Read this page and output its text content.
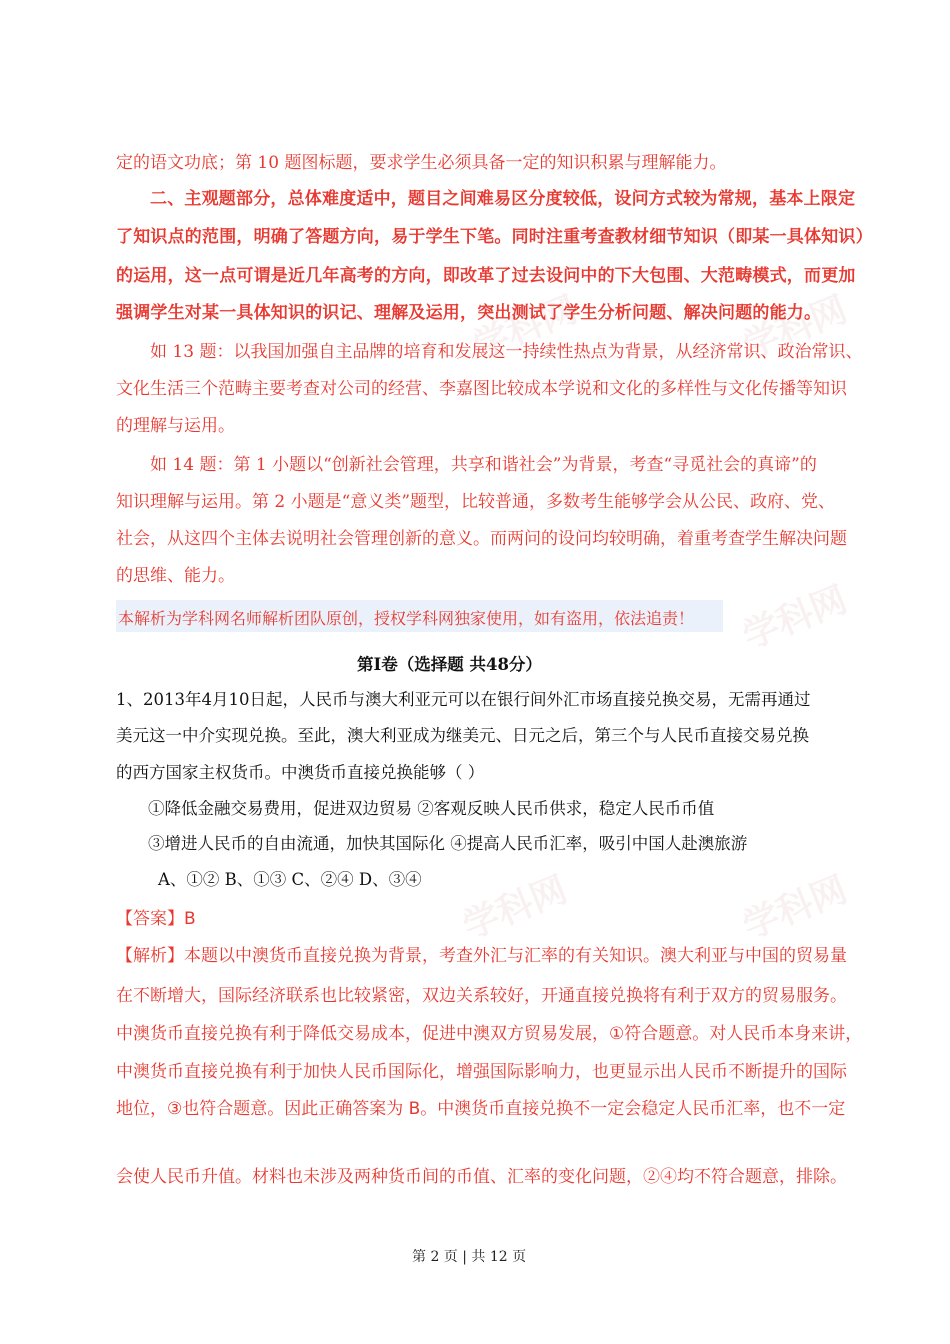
学科网	学科网
学科网
学科网	学科网

定的语文功底；第 10 题图标题，要求学生必须具备一定的知识积累与理解能力。

二、主观题部分，总体难度适中，题目之间难易区分度较低，设问方式较为常规，基本上限定

了知识点的范围，明确了答题方向，易于学生下笔。同时注重考查教材细节知识（即某一具体知识）

的运用，这一点可谓是近几年高考的方向，即改革了过去设问中的下大包围、大范畴模式，而更加

强调学生对某一具体知识的识记、理解及运用，突出测试了学生分析问题、解决问题的能力。

如 13 题：以我国加强自主品牌的培育和发展这一持续性热点为背景，从经济常识、政治常识、

文化生活三个范畴主要考查对公司的经营、李嘉图比较成本学说和文化的多样性与文化传播等知识

的理解与运用。

如 14 题：第 1 小题以“创新社会管理，共享和谐社会”为背景，考查“寻觅社会的真谛”的

知识理解与运用。第 2 小题是“意义类”题型，比较普通，多数考生能够学会从公民、政府、党、

社会，从这四个主体去说明社会管理创新的意义。而两问的设问均较明确，着重考查学生解决问题

的思维、能力。

本解析为学科网名师解析团队原创，授权学科网独家使用，如有盗用，依法追责！

第Ⅰ卷（选择题 共48分）

1、2013年4月10日起，人民币与澳大利亚元可以在银行间外汇市场直接兑换交易，无需再通过

美元这一中介实现兑换。至此，澳大利亚成为继美元、日元之后，第三个与人民币直接交易兑换

的西方国家主权货币。中澳货币直接兑换能够（ ）

①降低金融交易费用，促进双边贸易 ②客观反映人民币供求，稳定人民币币值

③增进人民币的自由流通，加快其国际化 ④提高人民币汇率，吸引中国人赴澳旅游

A、①② B、①③ C、②④ D、③④

【答案】B

【解析】本题以中澳货币直接兑换为背景，考查外汇与汇率的有关知识。澳大利亚与中国的贸易量

在不断增大，国际经济联系也比较紧密，双边关系较好，开通直接兑换将有利于双方的贸易服务。

中澳货币直接兑换有利于降低交易成本，促进中澳双方贸易发展，①符合题意。对人民币本身来讲，

中澳货币直接兑换有利于加快人民币国际化，增强国际影响力，也更显示出人民币不断提升的国际

地位，③也符合题意。因此正确答案为 B。中澳货币直接兑换不一定会稳定人民币汇率，也不一定

会使人民币升值。材料也未涉及两种货币间的币值、汇率的变化问题，②④均不符合题意，排除。

第 2 页 | 共 12 页
